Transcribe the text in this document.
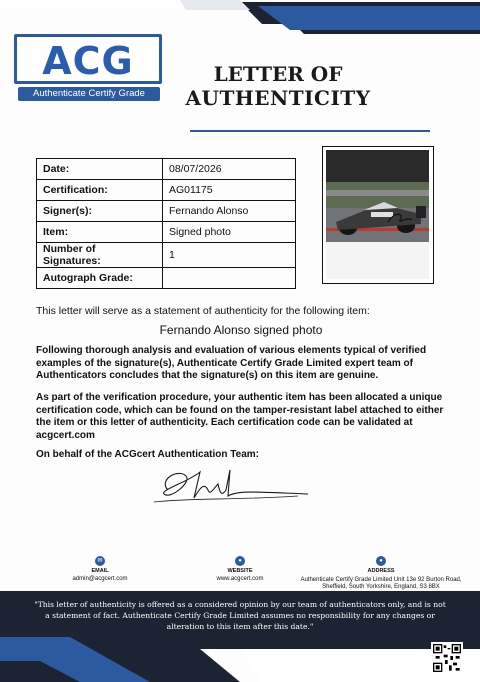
ACG
Authenticate Certify Grade
LETTER OF
AUTHENTICITY
Date:	08/07/2026
Certification:	AG01175
Signer(s):	Fernando Alonso
Item:	Signed photo
Number of Signatures:	1
Autograph Grade:	
This letter will serve as a statement of authenticity for the following item:
Fernando Alonso signed photo
Following thorough analysis and evaluation of various elements typical of verified examples of the signature(s), Authenticate Certify Grade Limited expert team of Authenticators concludes that the signature(s) on this item are genuine.
As part of the verification procedure, your authentic item has been allocated a unique certification code, which can be found on the tamper-resistant label attached to either the item or this letter of authenticity. Each certification code can be validated at acgcert.com
On behalf of the ACGcert Authentication Team:
✉
EMAIL
admin@acgcert.com
●
WEBSITE
www.acgcert.com
●
ADDRESS
Authenticate Certify Grade Limited Unit 13e 92 Burton Road, Sheffield, South Yorkshire, England, S3 8BX
"This letter of authenticity is offered as a considered opinion by our team of authenticators only, and is not a statement of fact. Authenticate Certify Grade Limited assumes no responsibility for any changes or alteration to this item after this date."
